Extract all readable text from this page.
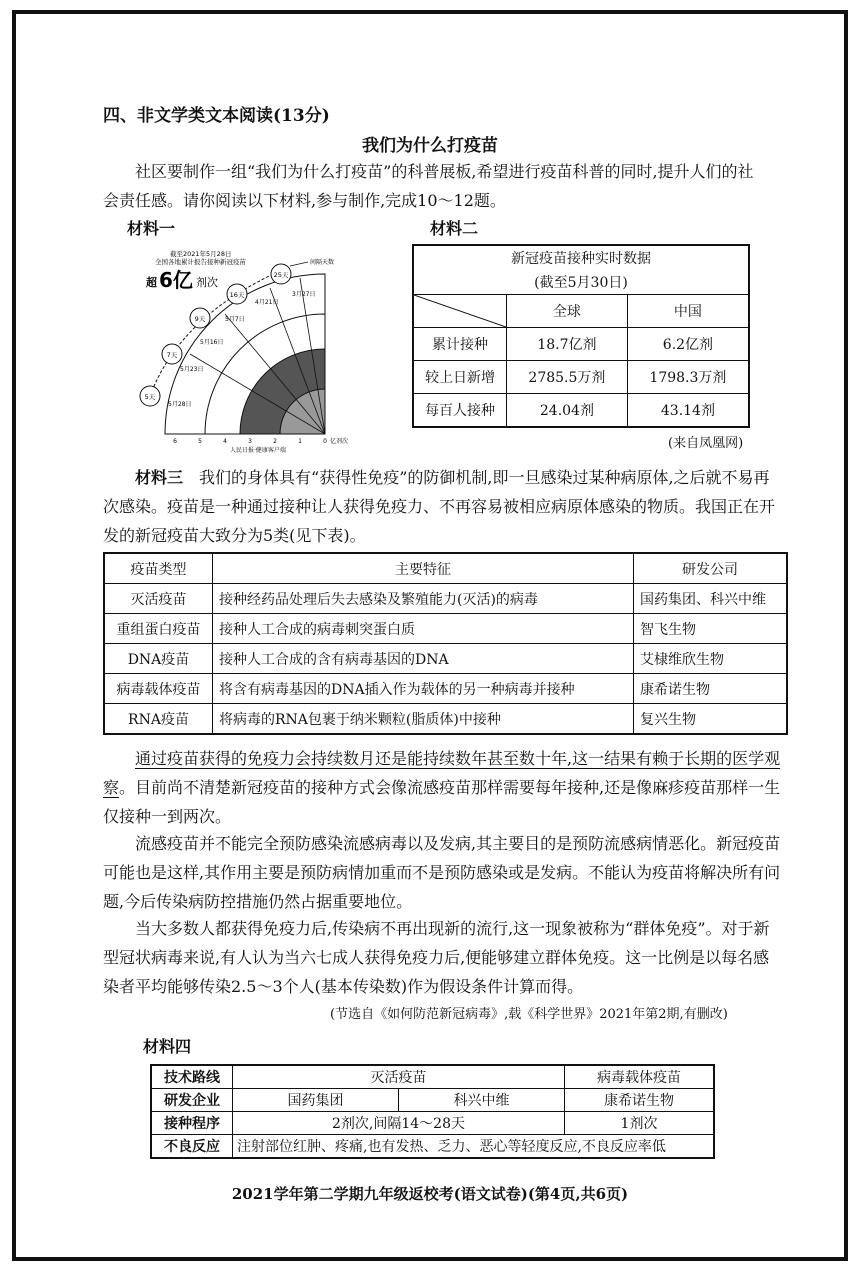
四、非文学类文本阅读(13分)
我们为什么打疫苗
社区要制作一组“我们为什么打疫苗”的科普展板,希望进行疫苗科普的同时,提升人们的社会责任感。请你阅读以下材料,参与制作,完成10～12题。
材料一	材料二
截至2021年5月28日
全国各地累计报告接种新冠疫苗
超 6亿 剂次
间隔天数
3月27日
4月21日
5月7日
5月16日
5月23日
5月28日
25天
16天
9天
7天
5天
6	5	4	3	2	1	0 亿剂次
人民日报·健康客户端
新冠疫苗接种实时数据		
(截至5月30日)		

	全球	中国
累计接种	18.7亿剂	6.2亿剂
较上日新增	2785.5万剂	1798.3万剂
每百人接种	24.04剂	43.14剂
(来自凤凰网)
材料三 我们的身体具有“获得性免疫”的防御机制,即一旦感染过某种病原体,之后就不易再次感染。疫苗是一种通过接种让人获得免疫力、不再容易被相应病原体感染的物质。我国正在开发的新冠疫苗大致分为5类(见下表)。
疫苗类型	主要特征	研发公司
灭活疫苗	接种经药品处理后失去感染及繁殖能力(灭活)的病毒	国药集团、科兴中维
重组蛋白疫苗	接种人工合成的病毒刺突蛋白质	智飞生物
DNA疫苗	接种人工合成的含有病毒基因的DNA	艾棣维欣生物
病毒载体疫苗	将含有病毒基因的DNA插入作为载体的另一种病毒并接种	康希诺生物
RNA疫苗	将病毒的RNA包裹于纳米颗粒(脂质体)中接种	复兴生物
通过疫苗获得的免疫力会持续数月还是能持续数年甚至数十年,这一结果有赖于长期的医学观察。目前尚不清楚新冠疫苗的接种方式会像流感疫苗那样需要每年接种,还是像麻疹疫苗那样一生仅接种一到两次。
流感疫苗并不能完全预防感染流感病毒以及发病,其主要目的是预防流感病情恶化。新冠疫苗可能也是这样,其作用主要是预防病情加重而不是预防感染或是发病。不能认为疫苗将解决所有问题,今后传染病防控措施仍然占据重要地位。
当大多数人都获得免疫力后,传染病不再出现新的流行,这一现象被称为“群体免疫”。对于新型冠状病毒来说,有人认为当六七成人获得免疫力后,便能够建立群体免疫。这一比例是以每名感染者平均能够传染2.5～3个人(基本传染数)作为假设条件计算而得。
(节选自《如何防范新冠病毒》,载《科学世界》2021年第2期,有删改)
材料四
技术路线	灭活疫苗		病毒载体疫苗
研发企业	国药集团	科兴中维	康希诺生物
接种程序	2剂次,间隔14～28天		1剂次
不良反应	注射部位红肿、疼痛,也有发热、乏力、恶心等轻度反应,不良反应率低		
2021学年第二学期九年级返校考(语文试卷)(第4页,共6页)
